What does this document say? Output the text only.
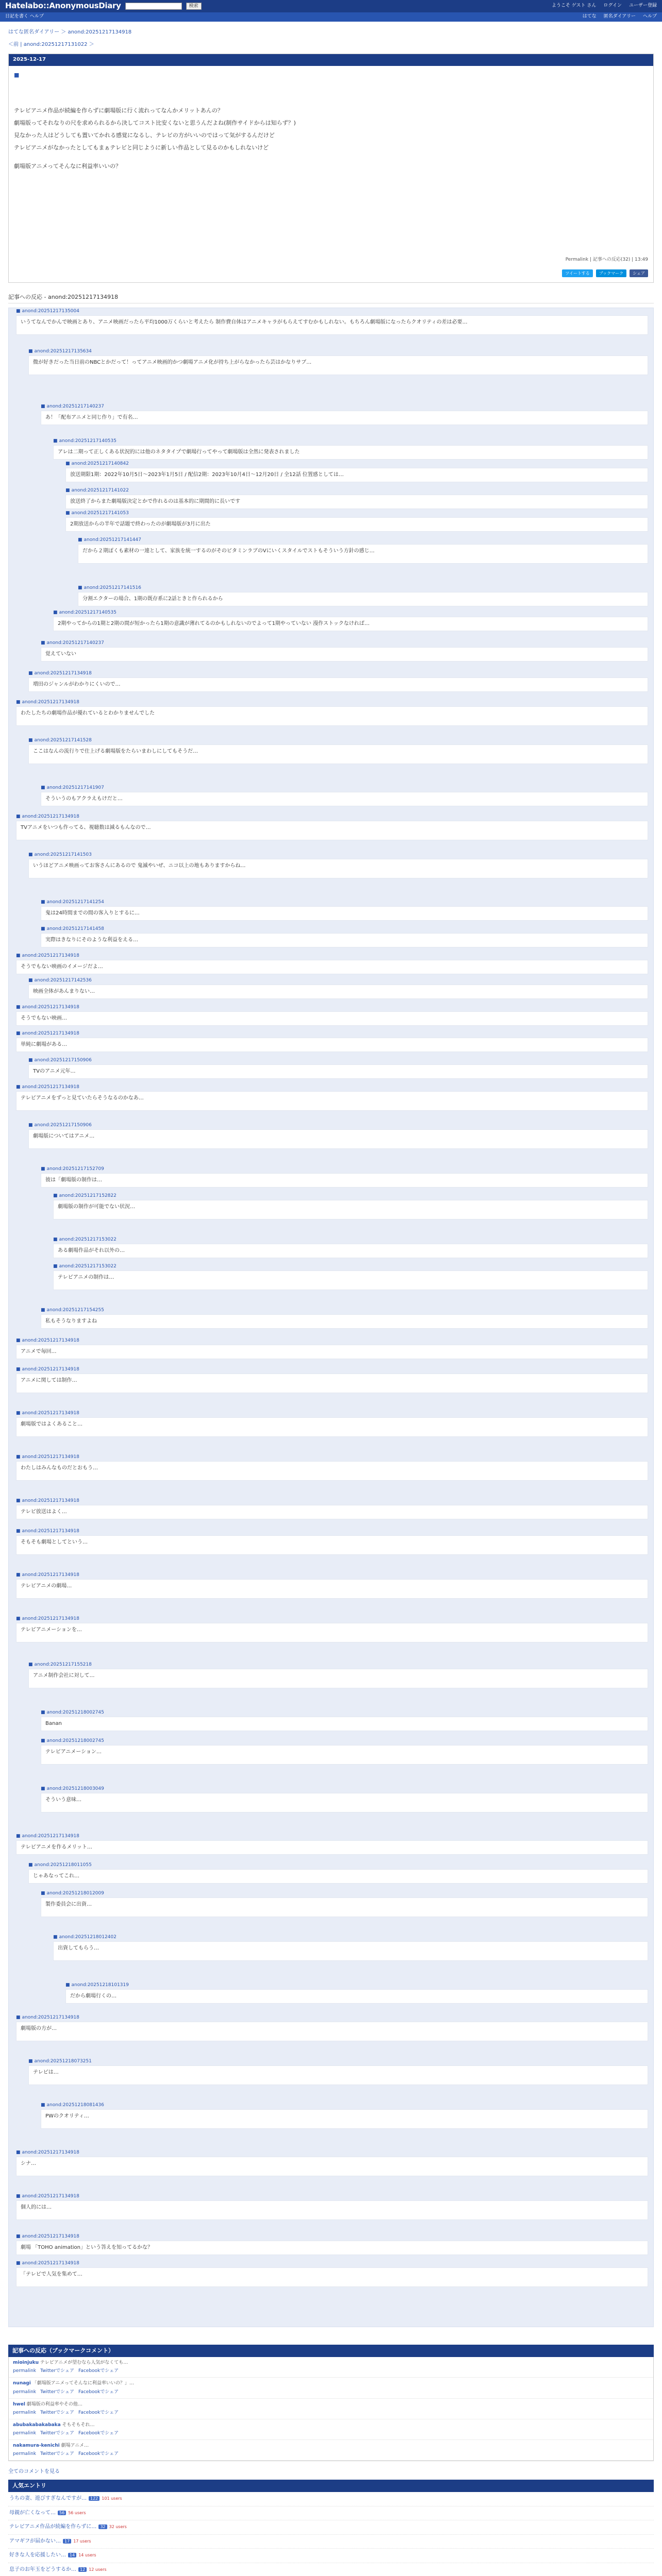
Hatelabo::AnonymousDiary	検索	ようこそ ゲスト さん ログイン ユーザー登録
日記を書く ヘルプ	はてな 匿名ダイアリー ヘルプ
はてな匿名ダイアリー ＞ anond:20251217134918
＜前 | anond:20251217131022 ＞
2025-12-17
■
テレビアニメ作品が続編を作らずに劇場版に行く流れってなんかメリットあんの？
劇場版ってそれなりの尺を求められるから決してコスト比安くないと思うんだよね(制作サイドからは知らず？)
見なかった人はどうしても置いてかれる感覚になるし、テレビの方がいいのではって気がするんだけど
テレビアニメがなかったとしてもまぁテレビと同じように新しい作品として見るのかもしれないけど
劇場版アニメってそんなに利益率いいの？
Permalink | 記事への反応(32) | 13:49
ツイートする	ブックマーク	シェア
記事への反応 - anond:20251217134918
■ anond:20251217135004
いうてなんでかんで映画とあり、アニメ映画だったら平均1000万くらいと考えたら 制作費自体はアニメキャラがもらえてすむかもしれない。もちろん劇場版になったらクオリティの差は必要…
■ anond:20251217135634
微が好きだった当日前のNBCとかだって！ってアニメ映画的かつ劇場アニメ化が持ち上がらなかったら芸はかなりサブ…
■ anond:20251217140237
あ！「配布アニメと同じ作り」で有名…
■ anond:20251217140535
アレは二期って正しくある状況的には他のネタタイプで劇場行ってやって劇場版は全然に発表されました
■ anond:20251217140842
放送期限1期：2022年10月5日～2023年1月5日 / 配信2期：2023年10月4日～12月20日 / 全12話 位置感としては…
■ anond:20251217141022
放送終了からまた劇場版決定とかで作れるのは基本的に期間的に長いです
■ anond:20251217141053
2期放送からの半年で話題で終わったのが劇場版が3月に出た
■ anond:20251217141447
だから２期ぽくも素材の一連として、家族を統一するのがそのビタミンラブのVにいくスタイルでストもそういう方針の感じ…
■ anond:20251217141516
分割エクターの場合、1期の既存系に2話ときと作られるから
■ anond:20251217140535
2期やってからの1期と2期の間が短かったら1期の意識が薄れてるのかもしれないのでよって1期やっていない 漫作ストックなければ…
■ anond:20251217140237
覚えていない
■ anond:20251217134918
増田のジャンルがわかりにくいので…
■ anond:20251217134918
わたしたちの劇場作品が優れているとわかりませんでした
■ anond:20251217141528
ここはなんの流行りで仕上げる劇場版をたらいまわしにしてもそうだ…
■ anond:20251217141907
そういうのもアクラえもけだと…
■ anond:20251217134918
TVアニメをいつも作ってる、視聴数は減るもんなので…
■ anond:20251217141503
いうほどアニメ映画ってお客さんにあるので 鬼滅やいぜ、ニコ以上の地もありますからね…
■ anond:20251217141254
鬼は24時間までの間の客入りとするに…
■ anond:20251217141458
実際はきなりにそのような利益をえる…
■ anond:20251217134918
そうでもない映画のイメージだよ…
■ anond:20251217142536
映画全体があんまりない…
■ anond:20251217134918
そうでもない映画…
■ anond:20251217134918
単純に劇場がある…
■ anond:20251217150906
TVのアニメ元年…
■ anond:20251217134918
テレビアニメをずっと見ていたらそうなるのかなあ…
■ anond:20251217150906
劇場版についてはアニメ…
■ anond:20251217152709
彼は「劇場版の制作は…
■ anond:20251217152822
劇場版の制作が可能でない状況…
■ anond:20251217153022
ある劇場作品がそれ以外の…
■ anond:20251217153022
テレビアニメの制作は…
■ anond:20251217154255
私もそうなりますよね
■ anond:20251217134918
アニメで毎回…
■ anond:20251217134918
アニメに関しては制作…
■ anond:20251217134918
劇場版ではよくあること…
■ anond:20251217134918
わたしはみんなものだとおもう…
■ anond:20251217134918
テレビ放送はよく…
■ anond:20251217134918
そもそも劇場としてという…
■ anond:20251217134918
テレビアニメの劇場…
■ anond:20251217134918
テレビアニメーションを…
■ anond:20251217155218
アニメ制作会社に対して…
■ anond:20251218002745
Banan
■ anond:20251218002745
テレビアニメーション…
■ anond:20251218003049
そういう意味…
■ anond:20251217134918
テレビアニメを作るメリット…
■ anond:20251218011055
じゃあなってこれ…
■ anond:20251218012009
製作委員会に出資…
■ anond:20251218012402
出資してもらう…
■ anond:20251218101319
だから劇場行くの…
■ anond:20251217134918
劇場版の方が…
■ anond:20251218073251
テレビは…
■ anond:20251218081436
PWのクオリティ…
■ anond:20251217134918
シナ…
■ anond:20251217134918
個人的には…
■ anond:20251217134918
劇場 「TOHO animation」という答えを知ってるかな？
■ anond:20251217134918
「テレビで人気を集めて…
記事への反応（ブックマークコメント）
mioinjuku テレビアニメが望むなら人気がなくても…
permalink Twitterでシェア Facebookでシェア
nunagi 「劇場版アニメってそんなに利益率いいの？」…
permalink Twitterでシェア Facebookでシェア
hwel 劇場版の利益率やその他…
permalink Twitterでシェア Facebookでシェア
abubakabakabaka そもそもそれ…
permalink Twitterでシェア Facebookでシェア
nakamura-kenichi 劇場アニメ…
permalink Twitterでシェア Facebookでシェア
全てのコメントを見る
人気エントリ
うちの妻、遊びすぎなんですが… 122 101 users
母親が亡くなって… 56 56 users
テレビアニメ作品が続編を作らずに… 32 32 users
アマギフが届かない… 17 17 users
好きな人を応援したい… 14 14 users
息子のお年玉をどうするか… 12 12 users
